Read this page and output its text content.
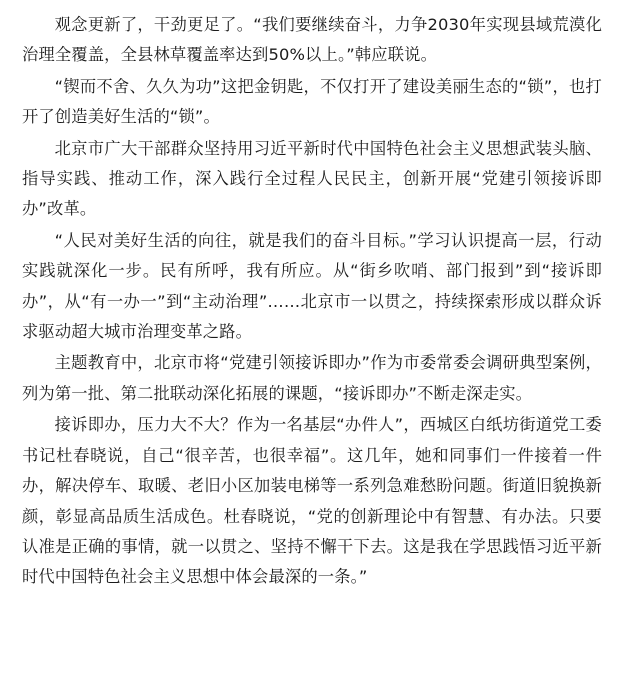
观念更新了，干劲更足了。“我们要继续奋斗，力争2030年实现县域荒漠化治理全覆盖，全县林草覆盖率达到50%以上。”韩应联说。

“锲而不舍、久久为功”这把金钥匙，不仅打开了建设美丽生态的“锁”，也打开了创造美好生活的“锁”。

北京市广大干部群众坚持用习近平新时代中国特色社会主义思想武装头脑、指导实践、推动工作，深入践行全过程人民民主，创新开展“党建引领接诉即办”改革。

“人民对美好生活的向往，就是我们的奋斗目标。”学习认识提高一层，行动实践就深化一步。民有所呼，我有所应。从“街乡吹哨、部门报到”到“接诉即办”，从“有一办一”到“主动治理”……北京市一以贯之，持续探索形成以群众诉求驱动超大城市治理变革之路。

主题教育中，北京市将“党建引领接诉即办”作为市委常委会调研典型案例，列为第一批、第二批联动深化拓展的课题，“接诉即办”不断走深走实。

接诉即办，压力大不大？作为一名基层“办件人”，西城区白纸坊街道党工委书记杜春晓说，自己“很辛苦，也很幸福”。这几年，她和同事们一件接着一件办，解决停车、取暖、老旧小区加装电梯等一系列急难愁盼问题。街道旧貌换新颜，彰显高品质生活成色。杜春晓说，“党的创新理论中有智慧、有办法。只要认准是正确的事情，就一以贯之、坚持不懈干下去。这是我在学思践悟习近平新时代中国特色社会主义思想中体会最深的一条。”
